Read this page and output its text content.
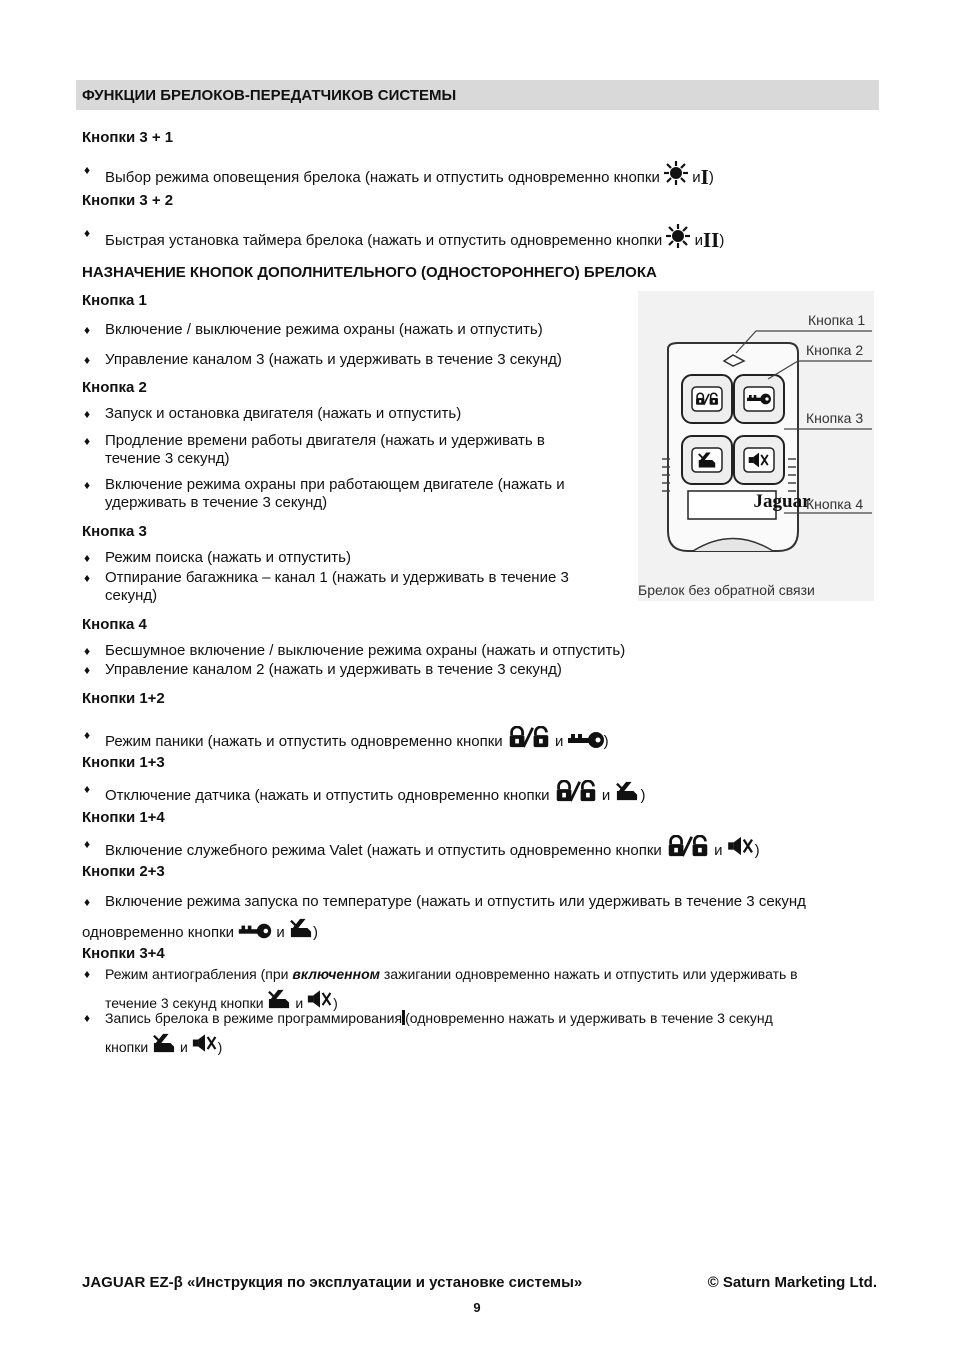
ФУНКЦИИ БРЕЛОКОВ-ПЕРЕДАТЧИКОВ СИСТЕМЫ
Кнопки 3 + 1
♦ Выбор режима оповещения брелока (нажать и отпустить одновременно кнопки иI)
Кнопки 3 + 2
♦ Быстрая установка таймера брелока (нажать и отпустить одновременно кнопки иII)
НАЗНАЧЕНИЕ КНОПОК ДОПОЛНИТЕЛЬНОГО (ОДНОСТОРОННЕГО) БРЕЛОКА
Кнопка 1
♦ Включение / выключение режима охраны (нажать и отпустить)
♦ Управление каналом 3 (нажать и удерживать в течение 3 секунд)
Кнопка 2
♦ Запуск и остановка двигателя (нажать и отпустить)
♦ Продление времени работы двигателя (нажать и удерживать в течение 3 секунд)
♦ Включение режима охраны при работающем двигателе (нажать и удерживать в течение 3 секунд)
Кнопка 3
♦ Режим поиска (нажать и отпустить)
♦ Отпирание багажника – канал 1 (нажать и удерживать в течение 3 секунд)
Jaguar
Кнопка 1
Кнопка 2
Кнопка 3
Кнопка 4
Брелок без обратной связи
Кнопка 4
♦ Бесшумное включение / выключение режима охраны (нажать и отпустить)
♦ Управление каналом 2 (нажать и удерживать в течение 3 секунд)
Кнопки 1+2
♦ Режим паники (нажать и отпустить одновременно кнопки	и	)
Кнопки 1+3
♦ Отключение датчика (нажать и отпустить одновременно кнопки	и )
Кнопки 1+4
♦ Включение служебного режима Valet (нажать и отпустить одновременно кнопки	и )
Кнопки 2+3
♦ Включение режима запуска по температуре (нажать и отпустить или удерживать в течение 3 секунд
одновременно кнопки	и )
Кнопки 3+4
♦ Режим антиограбления (при включенном зажигании одновременно нажать и отпустить или удерживать в
течение 3 секунд кнопки и )
♦ Запись брелока в режиме программирования (одновременно нажать и удерживать в течение 3 секунд
кнопки и )
JAGUAR EZ-β «Инструкция по эксплуатации и установке системы»	© Saturn Marketing Ltd.
9
